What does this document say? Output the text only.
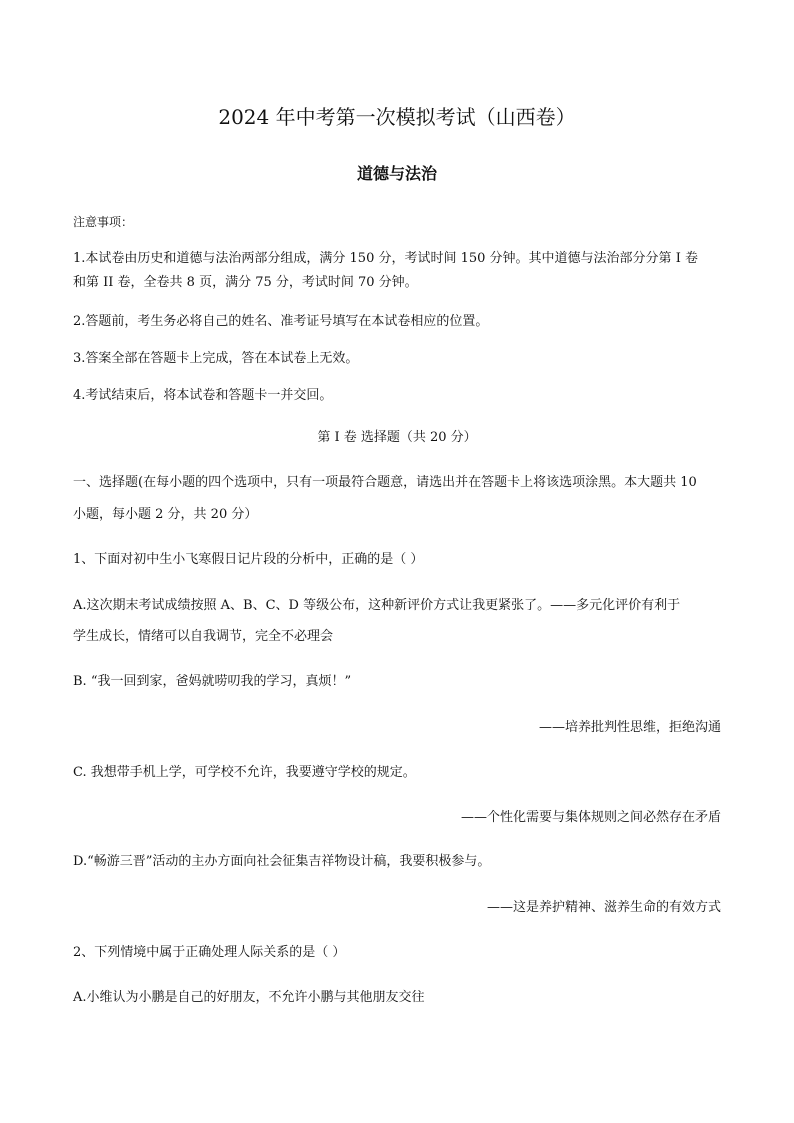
2024 年中考第一次模拟考试（山西卷）
道德与法治
注意事项：
1.本试卷由历史和道德与法治两部分组成，满分 150 分，考试时间 150 分钟。其中道德与法治部分分第 I 卷
和第 II 卷，全卷共 8 页，满分 75 分，考试时间 70 分钟。
2.答题前，考生务必将自己的姓名、准考证号填写在本试卷相应的位置。
3.答案全部在答题卡上完成，答在本试卷上无效。
4.考试结束后，将本试卷和答题卡一并交回。
第 I 卷 选择题（共 20 分）
一、选择题(在每小题的四个选项中，只有一项最符合题意，请选出并在答题卡上将该选项涂黑。本大题共 10
小题，每小题 2 分，共 20 分）
1、下面对初中生小飞寒假日记片段的分析中，正确的是（ ）
A.这次期末考试成绩按照 A、B、C、D 等级公布，这种新评价方式让我更紧张了。——多元化评价有利于
学生成长，情绪可以自我调节，完全不必理会
B. “我一回到家，爸妈就唠叨我的学习，真烦！”
——培养批判性思维，拒绝沟通
C. 我想带手机上学，可学校不允许，我要遵守学校的规定。
——个性化需要与集体规则之间必然存在矛盾
D.“畅游三晋”活动的主办方面向社会征集吉祥物设计稿，我要积极参与。
——这是养护精神、滋养生命的有效方式
2、下列情境中属于正确处理人际关系的是（ ）
A.小维认为小鹏是自己的好朋友，不允许小鹏与其他朋友交往
